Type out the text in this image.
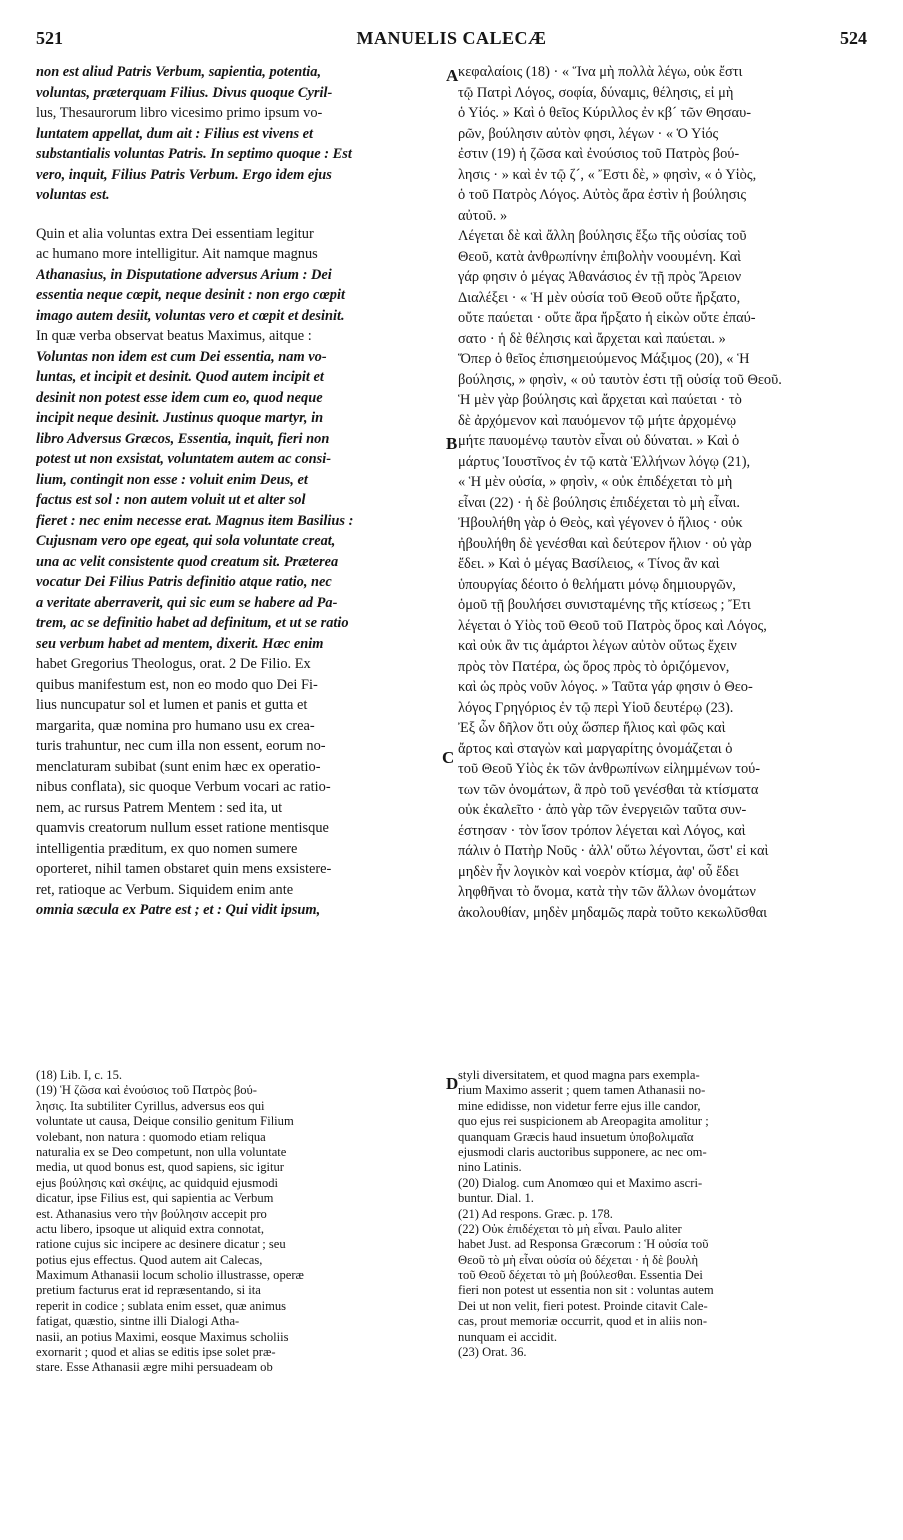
521	MANUELIS CALECÆ	524
A
B
C
D
non est aliud Patris Verbum, sapientia, potentia,
voluntas, præterquam Filius. Divus quoque Cyril-
lus, Thesaurorum libro vicesimo primo ipsum vo-
luntatem appellat, dum ait : Filius est vivens et
substantialis voluntas Patris. In septimo quoque : Est
vero, inquit, Filius Patris Verbum. Ergo idem ejus
voluntas est.
Quin et alia voluntas extra Dei essentiam legitur
ac humano more intelligitur. Ait namque magnus
Athanasius, in Disputatione adversus Arium : Dei
essentia neque cœpit, neque desinit : non ergo cœpit
imago autem desiit, voluntas vero et cœpit et desinit.
In quæ verba observat beatus Maximus, aitque :
Voluntas non idem est cum Dei essentia, nam vo-
luntas, et incipit et desinit. Quod autem incipit et
desinit non potest esse idem cum eo, quod neque
incipit neque desinit. Justinus quoque martyr, in
libro Adversus Græcos, Essentia, inquit, fieri non
potest ut non exsistat, voluntatem autem ac consi-
lium, contingit non esse : voluit enim Deus, et
factus est sol : non autem voluit ut et alter sol
fieret : nec enim necesse erat. Magnus item Basilius :
Cujusnam vero ope egeat, qui sola voluntate creat,
una ac velit consistente quod creatum sit. Præterea
vocatur Dei Filius Patris definitio atque ratio, nec
a veritate aberraverit, qui sic eum se habere ad Pa-
trem, ac se definitio habet ad definitum, et ut se ratio
seu verbum habet ad mentem, dixerit. Hæc enim
habet Gregorius Theologus, orat. 2 De Filio. Ex
quibus manifestum est, non eo modo quo Dei Fi-
lius nuncupatur sol et lumen et panis et gutta et
margarita, quæ nomina pro humano usu ex crea-
turis trahuntur, nec cum illa non essent, eorum no-
menclaturam subibat (sunt enim hæc ex operatio-
nibus conflata), sic quoque Verbum vocari ac ratio-
nem, ac rursus Patrem Mentem : sed ita, ut
quamvis creatorum nullum esset ratione mentisque
intelligentia præditum, ex quo nomen sumere
oporteret, nihil tamen obstaret quin mens exsistere-
ret, ratioque ac Verbum. Siquidem enim ante
omnia sæcula ex Patre est ; et : Qui vidit ipsum,
κεφαλαίοις (18) · « Ἵνα μὴ πολλὰ λέγω, οὐκ ἔστι
τῷ Πατρὶ Λόγος, σοφία, δύναμις, θέλησις, εἰ μὴ
ὁ Υἱός. » Καὶ ὁ θεῖος Κύριλλος ἐν κβ´ τῶν Θησαυ-
ρῶν, βούλησιν αὐτὸν φησι, λέγων · « Ὁ Υἱός
ἐστιν (19) ἡ ζῶσα καὶ ἐνούσιος τοῦ Πατρὸς βού-
λησις · » καὶ ἐν τῷ ζ´, « Ἔστι δὲ, » φησὶν, « ὁ Υἱὸς,
ὁ τοῦ Πατρὸς Λόγος. Αὐτὸς ἄρα ἐστὶν ἡ βούλησις
αὐτοῦ. »
Λέγεται δὲ καὶ ἄλλη βούλησις ἔξω τῆς οὐσίας τοῦ
Θεοῦ, κατὰ ἀνθρωπίνην ἐπιβολὴν νοουμένη. Καὶ
γάρ φησιν ὁ μέγας Ἀθανάσιος ἐν τῇ πρὸς Ἄρειον
Διαλέξει · « Ἡ μὲν οὐσία τοῦ Θεοῦ οὔτε ἤρξατο,
οὔτε παύεται · οὔτε ἄρα ἤρξατο ἡ εἰκὼν οὔτε ἐπαύ-
σατο · ἡ δὲ θέλησις καὶ ἄρχεται καὶ παύεται. »
Ὅπερ ὁ θεῖος ἐπισημειούμενος Μάξιμος (20), « Ἡ
βούλησις, » φησὶν, « οὐ ταυτὸν ἐστι τῇ οὐσίᾳ τοῦ Θεοῦ.
Ἡ μὲν γὰρ βούλησις καὶ ἄρχεται καὶ παύεται · τὸ
δὲ ἀρχόμενον καὶ παυόμενον τῷ μήτε ἀρχομένῳ
μήτε παυομένῳ ταυτὸν εἶναι οὐ δύναται. » Καὶ ὁ
μάρτυς Ἰουστῖνος ἐν τῷ κατὰ Ἑλλήνων λόγῳ (21),
« Ἡ μὲν οὐσία, » φησὶν, « οὐκ ἐπιδέχεται τὸ μὴ
εἶναι (22) · ἡ δὲ βούλησις ἐπιδέχεται τὸ μὴ εἶναι.
Ἠβουλήθη γὰρ ὁ Θεὸς, καὶ γέγονεν ὁ ἥλιος · οὐκ
ἠβουλήθη δὲ γενέσθαι καὶ δεύτερον ἥλιον · οὐ γὰρ
ἔδει. » Καὶ ὁ μέγας Βασίλειος, « Τίνος ἂν καὶ
ὑπουργίας δέοιτο ὁ θελήματι μόνῳ δημιουργῶν,
ὁμοῦ τῇ βουλήσει συνισταμένης τῆς κτίσεως ; Ἔτι
λέγεται ὁ Υἱὸς τοῦ Θεοῦ τοῦ Πατρὸς ὅρος καὶ Λόγος,
καὶ οὐκ ἂν τις ἁμάρτοι λέγων αὐτὸν οὕτως ἔχειν
πρὸς τὸν Πατέρα, ὡς ὅρος πρὸς τὸ ὁριζόμενον,
καὶ ὡς πρὸς νοῦν λόγος. » Ταῦτα γάρ φησιν ὁ Θεο-
λόγος Γρηγόριος ἐν τῷ περὶ Υἱοῦ δευτέρῳ (23).
Ἐξ ὧν δῆλον ὅτι οὐχ ὥσπερ ἥλιος καὶ φῶς καὶ
ἄρτος καὶ σταγὼν καὶ μαργαρίτης ὀνομάζεται ὁ
τοῦ Θεοῦ Υἱὸς ἐκ τῶν ἀνθρωπίνων εἰλημμένων τού-
των τῶν ὀνομάτων, ἃ πρὸ τοῦ γενέσθαι τὰ κτίσματα
οὐκ ἐκαλεῖτο · ἀπὸ γὰρ τῶν ἐνεργειῶν ταῦτα συν-
έστησαν · τὸν ἴσον τρόπον λέγεται καὶ Λόγος, καὶ
πάλιν ὁ Πατὴρ Νοῦς · ἀλλ' οὕτω λέγονται, ὥστ' εἰ καὶ
μηδὲν ἦν λογικὸν καὶ νοερὸν κτίσμα, ἀφ' οὗ ἔδει
ληφθῆναι τὸ ὄνομα, κατὰ τὴν τῶν ἄλλων ὀνομάτων
ἀκολουθίαν, μηδὲν μηδαμῶς παρὰ τοῦτο κεκωλῦσθαι
(18) Lib. I, c. 15.
(19) Ἡ ζῶσα καὶ ἐνούσιος τοῦ Πατρὸς βού-
λησις. Ita subtiliter Cyrillus, adversus eos qui
voluntate ut causa, Deique consilio genitum Filium
volebant, non natura : quomodo etiam reliqua
naturalia ex se Deo competunt, non ulla voluntate
media, ut quod bonus est, quod sapiens, sic igitur
ejus βούλησις καὶ σκέψις, ac quidquid ejusmodi
dicatur, ipse Filius est, qui sapientia ac Verbum
est. Athanasius vero τὴν βούλησιν accepit pro
actu libero, ipsoque ut aliquid extra connotat,
ratione cujus sic incipere ac desinere dicatur ; seu
potius ejus effectus. Quod autem ait Calecas,
Maximum Athanasii locum scholio illustrasse, operæ
pretium facturus erat id repræsentando, si ita
reperit in codice ; sublata enim esset, quæ animus
fatigat, quæstio, sintne illi Dialogi Atha-
nasii, an potius Maximi, eosque Maximus scholiis
exornarit ; quod et alias se editis ipse solet præ-
stare. Esse Athanasii ægre mihi persuadeam ob
styli diversitatem, et quod magna pars exempla-
rium Maximo asserit ; quem tamen Athanasii no-
mine edidisse, non videtur ferre ejus ille candor,
quo ejus rei suspicionem ab Areopagita amolitur ;
quanquam Græcis haud insuetum ὑποβολιμαῖα
ejusmodi claris auctoribus supponere, ac nec om-
nino Latinis.
(20) Dialog. cum Anomœo qui et Maximo ascri-
buntur. Dial. 1.
(21) Ad respons. Græc. p. 178.
(22) Οὐκ ἐπιδέχεται τὸ μὴ εἶναι. Paulo aliter
habet Just. ad Responsa Græcorum : Ἡ οὐσία τοῦ
Θεοῦ τὸ μὴ εἶναι οὐσία οὐ δέχεται · ἡ δὲ βουλὴ
τοῦ Θεοῦ δέχεται τὸ μὴ βούλεσθαι. Essentia Dei
fieri non potest ut essentia non sit : voluntas autem
Dei ut non velit, fieri potest. Proinde citavit Cale-
cas, prout memoriæ occurrit, quod et in aliis non-
nunquam ei accidit.
(23) Orat. 36.
